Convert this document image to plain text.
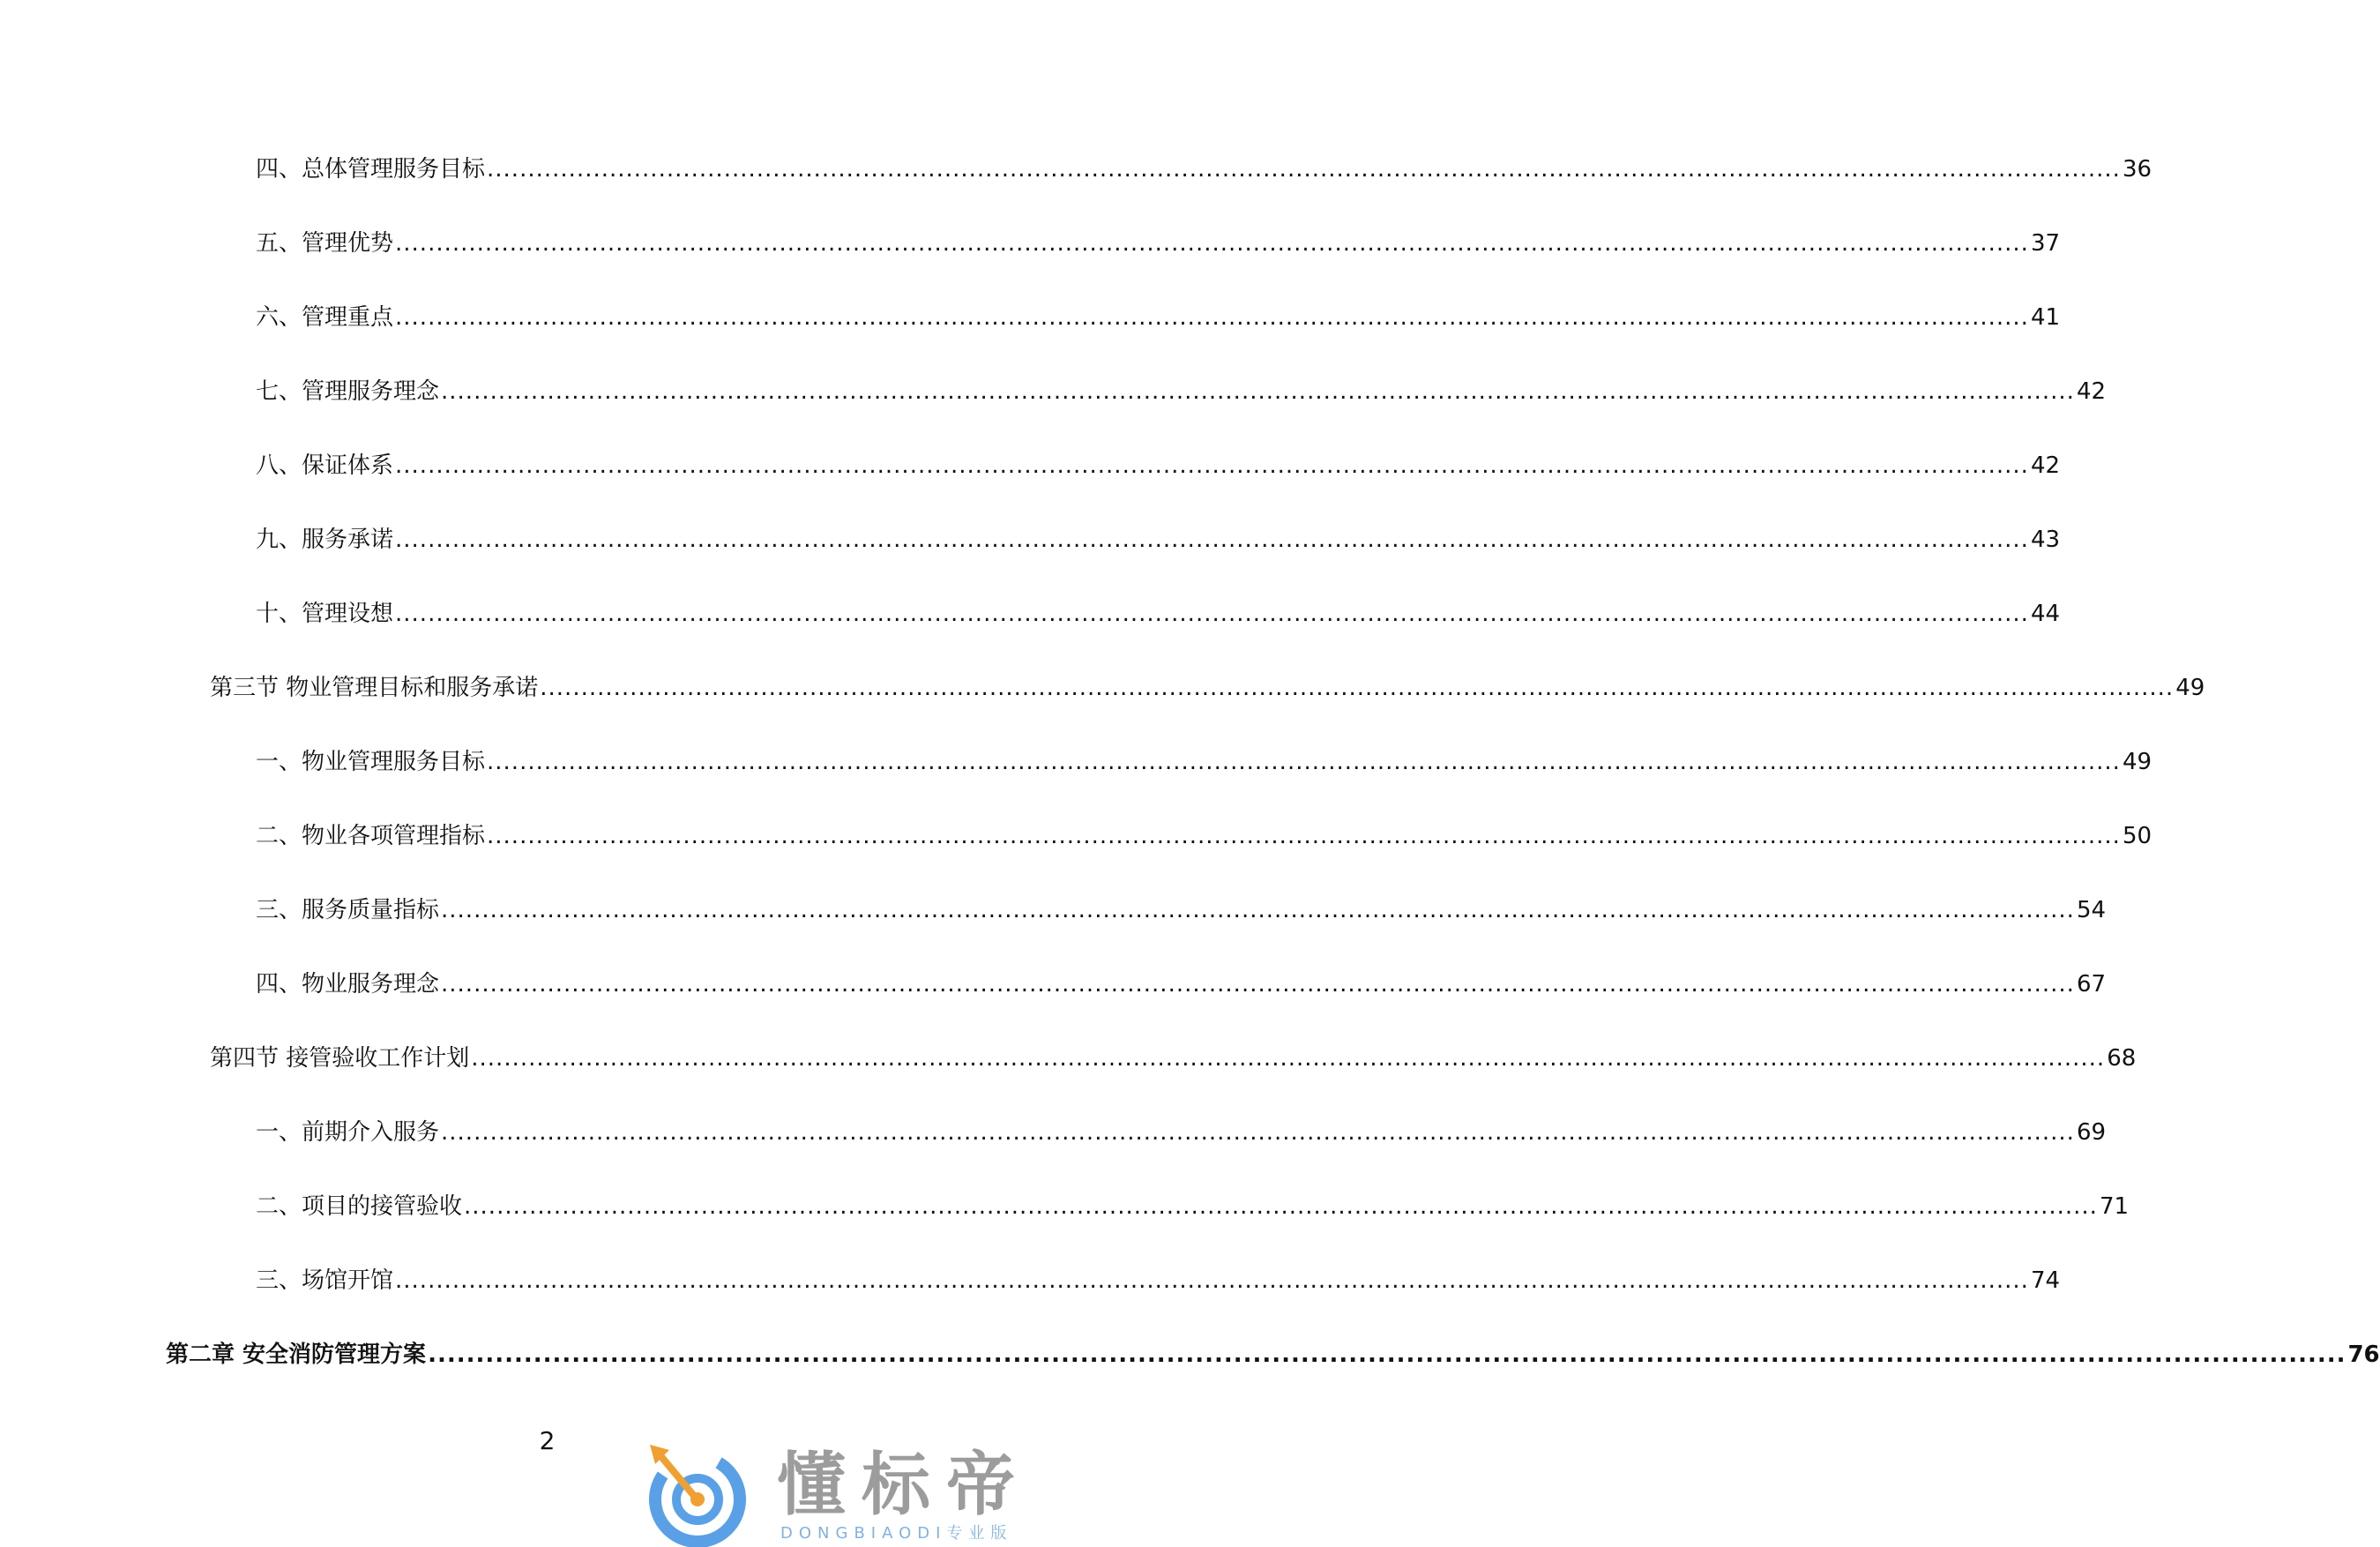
四、总体管理服务目标 ........................................................................................................................................................................................................ 36
五、管理优势 ........................................................................................................................................................................................................ 37
六、管理重点 ........................................................................................................................................................................................................ 41
七、管理服务理念 ........................................................................................................................................................................................................ 42
八、保证体系 ........................................................................................................................................................................................................ 42
九、服务承诺 ........................................................................................................................................................................................................ 43
十、管理设想 ........................................................................................................................................................................................................ 44
第三节 物业管理目标和服务承诺 ........................................................................................................................................................................................................ 49
一、物业管理服务目标 ........................................................................................................................................................................................................ 49
二、物业各项管理指标 ........................................................................................................................................................................................................ 50
三、服务质量指标 ........................................................................................................................................................................................................ 54
四、物业服务理念 ........................................................................................................................................................................................................ 67
第四节 接管验收工作计划 ........................................................................................................................................................................................................ 68
一、前期介入服务 ........................................................................................................................................................................................................ 69
二、项目的接管验收 ........................................................................................................................................................................................................ 71
三、场馆开馆 ........................................................................................................................................................................................................ 74
第二章 安全消防管理方案 ........................................................................................................................................................................................................ 76
2
懂标帝
DONGBIAODI专业版
